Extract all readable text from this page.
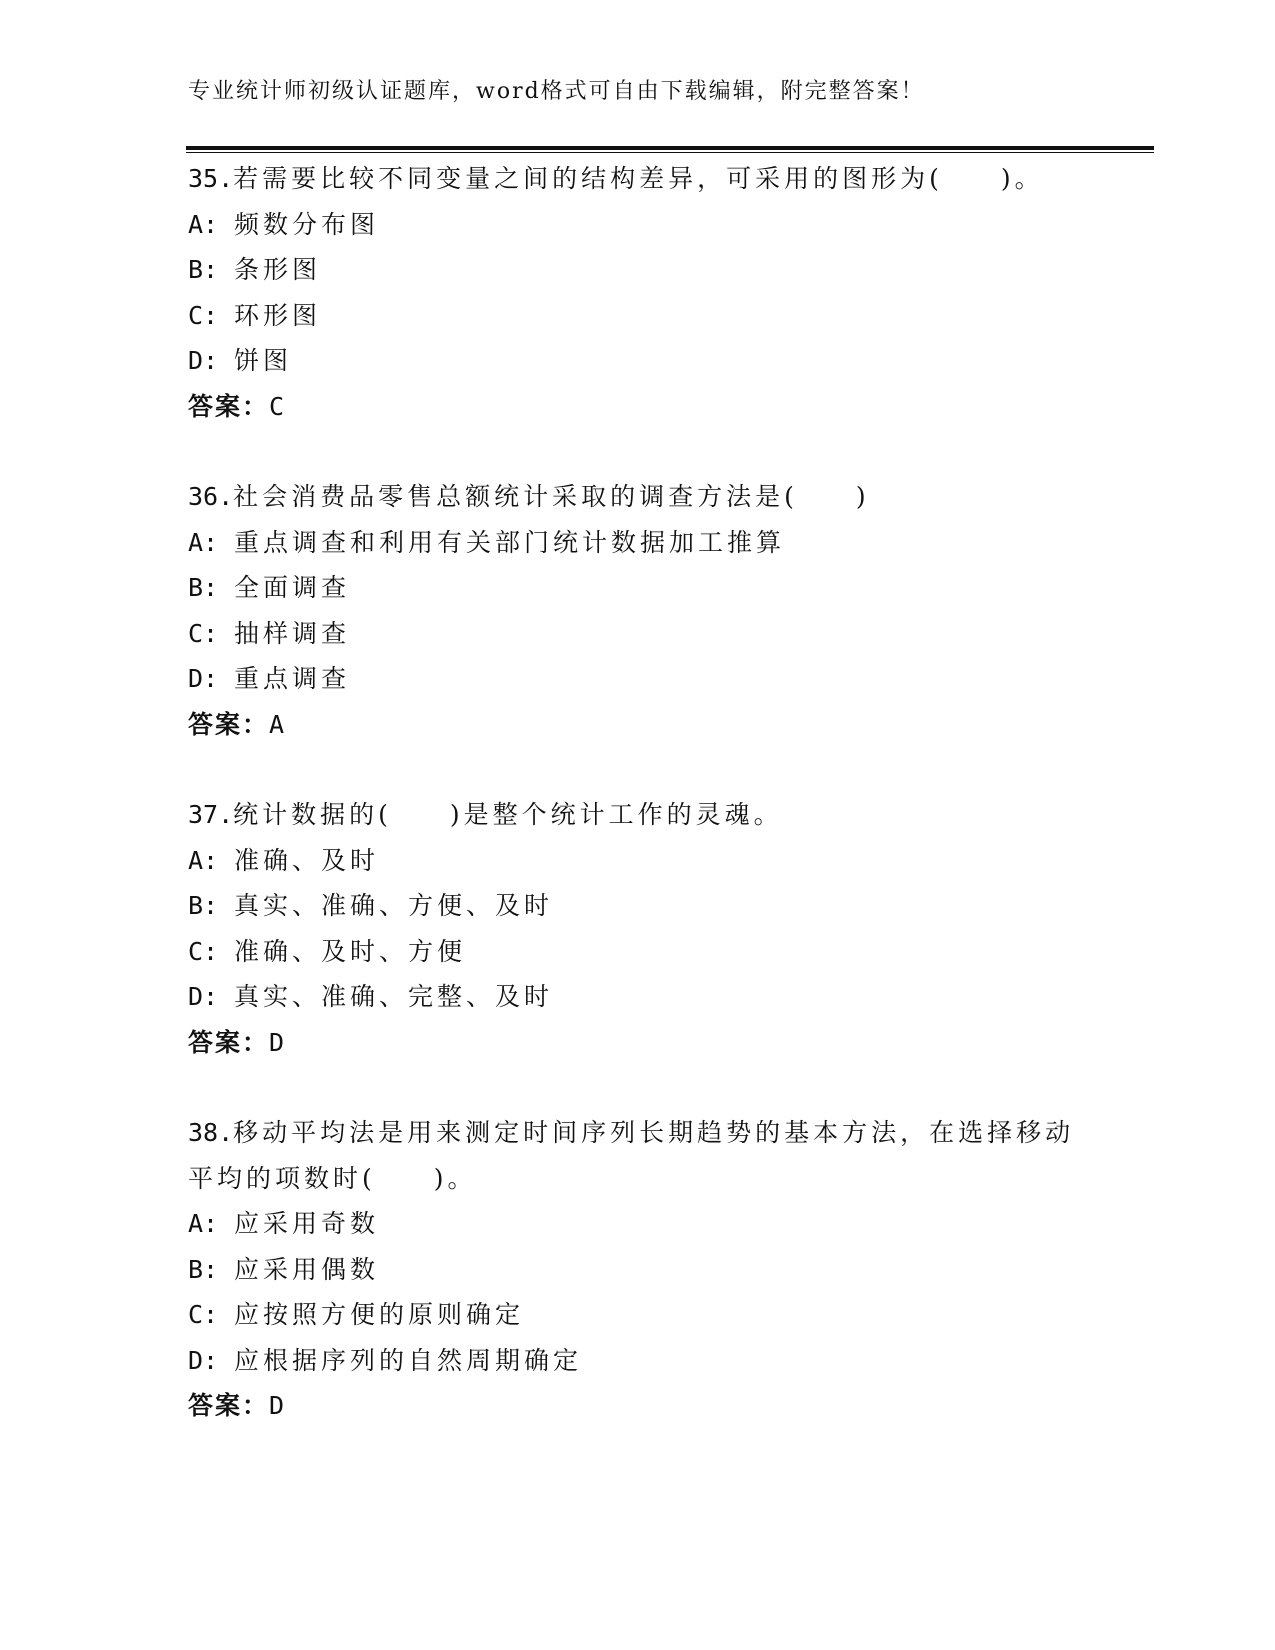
专业统计师初级认证题库，word格式可自由下载编辑，附完整答案！
35.若需要比较不同变量之间的结构差异，可采用的图形为(　　)。
A: 频数分布图
B: 条形图
C: 环形图
D: 饼图
答案：C
36.社会消费品零售总额统计采取的调查方法是(　　)
A: 重点调查和利用有关部门统计数据加工推算
B: 全面调查
C: 抽样调查
D: 重点调查
答案：A
37.统计数据的(　　)是整个统计工作的灵魂。
A: 准确、及时
B: 真实、准确、方便、及时
C: 准确、及时、方便
D: 真实、准确、完整、及时
答案：D
38.移动平均法是用来测定时间序列长期趋势的基本方法，在选择移动
平均的项数时(　　)。
A: 应采用奇数
B: 应采用偶数
C: 应按照方便的原则确定
D: 应根据序列的自然周期确定
答案：D
